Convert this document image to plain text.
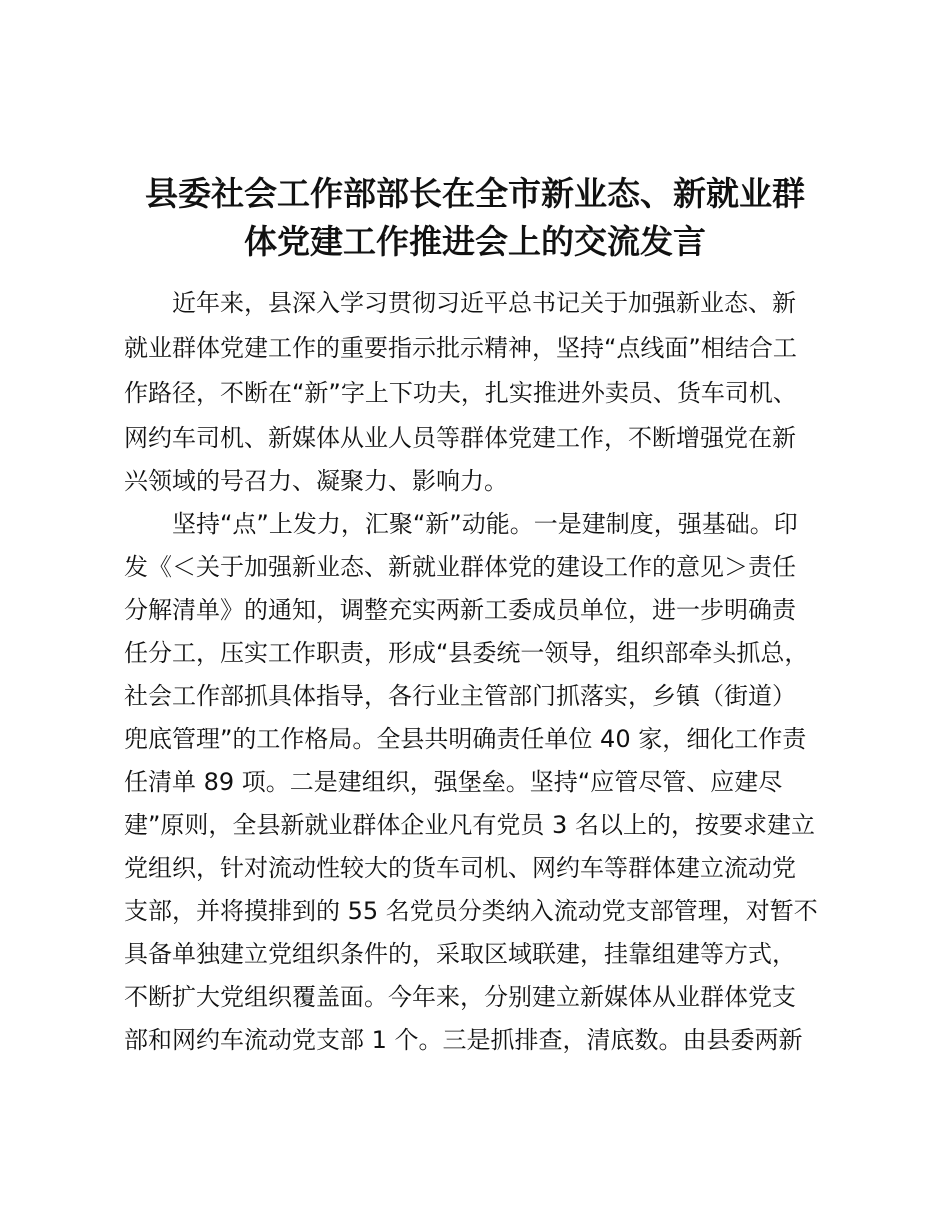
县委社会工作部部长在全市新业态、新就业群
体党建工作推进会上的交流发言
近年来，县深入学习贯彻习近平总书记关于加强新业态、新
就业群体党建工作的重要指示批示精神，坚持“点线面”相结合工
作路径，不断在“新”字上下功夫，扎实推进外卖员、货车司机、
网约车司机、新媒体从业人员等群体党建工作，不断增强党在新
兴领域的号召力、凝聚力、影响力。
坚持“点”上发力，汇聚“新”动能。一是建制度，强基础。印
发《＜关于加强新业态、新就业群体党的建设工作的意见＞责任
分解清单》的通知，调整充实两新工委成员单位，进一步明确责
任分工，压实工作职责，形成“县委统一领导，组织部牵头抓总，
社会工作部抓具体指导，各行业主管部门抓落实，乡镇（街道）
兜底管理”的工作格局。全县共明确责任单位 40 家，细化工作责
任清单 89 项。二是建组织，强堡垒。坚持“应管尽管、应建尽
建”原则，全县新就业群体企业凡有党员 3 名以上的，按要求建立
党组织，针对流动性较大的货车司机、网约车等群体建立流动党
支部，并将摸排到的 55 名党员分类纳入流动党支部管理，对暂不
具备单独建立党组织条件的，采取区域联建，挂靠组建等方式，
不断扩大党组织覆盖面。今年来，分别建立新媒体从业群体党支
部和网约车流动党支部 1 个。三是抓排查，清底数。由县委两新
